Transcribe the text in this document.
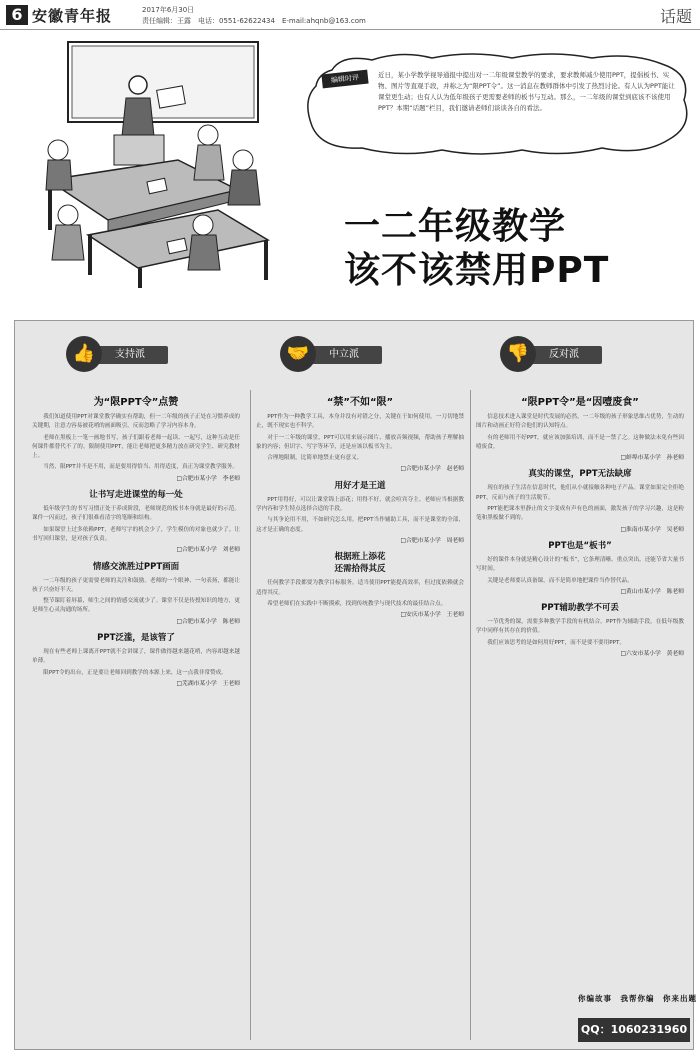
6 安徽青年报	2017年6月30日
责任编辑：王露　电话：0551-62622434　E-mail:ahqnb@163.com	话题
编辑时评	近日，某小学教学视导通报中提出对一二年级课堂教学的要求，要求教师减少使用PPT，提倡板书、实物、图片等直观手段，并称之为“限PPT令”。这一消息在教师群体中引发了热烈讨论。有人认为PPT能让课堂更生动；也有人认为低年级孩子更需要老师的板书与互动。那么，一二年级的课堂到底该不该使用PPT？本期“话题”栏目，我们邀请老师们谈谈各自的看法。
一二年级教学
该不该禁用PPT
支持派
👍	中立派
🤝	反对派
👎
为“限PPT令”点赞
我们知道使用PPT对课堂教学确实有帮助，但一二年级的孩子正处在习惯养成的关键期，注意力容易被花哨的画面吸引，反而忽略了学习内容本身。
老师在黑板上一笔一画地书写，孩子们跟着老师一起读、一起写，这种互动是任何课件都替代不了的。限制使用PPT，能让老师把更多精力放在研究学生、研究教材上。
当然，限PPT并不是不用，而是要用得恰当、用得适度，真正为课堂教学服务。
□合肥市某小学　李老师
让书写走进课堂的每一处
低年级学生的书写习惯正处于养成阶段，老师规范的板书本身就是最好的示范。课件一闪而过，孩子们很难看清字的笔顺和结构。
如果课堂上过多依赖PPT，老师写字的机会少了，学生模仿的对象也就少了。让书写回归课堂，是对孩子负责。
□合肥市某小学　刘老师
情感交流胜过PPT画面
一二年级的孩子更需要老师的关注和鼓励。老师的一个眼神、一句表扬，都能让孩子兴奋好半天。
整节课盯着屏幕，师生之间的情感交流就少了。课堂不仅是传授知识的地方，更是师生心灵沟通的场所。
□合肥市某小学　陈老师
PPT泛滥，是该管了
现在有些老师上课离开PPT就不会讲课了，课件做得越来越花哨，内容却越来越单薄。
限PPT令的出台，正是要让老师回到教学的本源上来，这一点我非常赞成。
□芜湖市某小学　王老师
“禁”不如“限”
PPT作为一种教学工具，本身并没有对错之分，关键在于如何使用。一刀切地禁止，既不现实也不科学。
对于一二年级的课堂，PPT可以用来展示图片、播放音频视频，帮助孩子理解抽象的内容；但识字、写字等环节，还是应该以板书为主。
合理地限制，比简单地禁止更有意义。
□合肥市某小学　赵老师
用好才是王道
PPT用得好，可以让课堂锦上添花；用得不好，就会喧宾夺主。老师应当根据教学内容和学生特点选择合适的手段。
与其争论用不用，不如研究怎么用。把PPT当作辅助工具，而不是课堂的全部，这才是正确的态度。
□合肥市某小学　周老师
根据班上添花
还需拾得其反
任何教学手段都要为教学目标服务。适当使用PPT能提高效率，但过度依赖就会适得其反。
希望老师们在实践中不断摸索，找到传统教学与现代技术的最佳结合点。
□安庆市某小学　王老师
“限PPT令”是“因噎废食”
信息技术进入课堂是时代发展的必然。一二年级的孩子形象思维占优势，生动的图片和动画正好符合他们的认知特点。
有的老师用不好PPT，就应该加强培训，而不是一禁了之。这种做法未免有些因噎废食。
□蚌埠市某小学　孙老师
真实的课堂，PPT无法缺席
现在的孩子生活在信息时代，他们从小就接触各种电子产品。课堂如果完全拒绝PPT，反而与孩子的生活脱节。
PPT能把课本里静止的文字变成有声有色的画面，激发孩子的学习兴趣，这是粉笔和黑板做不到的。
□淮南市某小学　吴老师
PPT也是“板书”
好的课件本身就是精心设计的“板书”，它条理清晰、重点突出，还能节省大量书写时间。
关键是老师要认真备课，而不是简单地把课件当作替代品。
□黄山市某小学　陈老师
PPT辅助教学不可丢
一节优秀的课，需要多种教学手段的有机结合。PPT作为辅助手段，在低年级教学中同样有其存在的价值。
我们应该思考的是如何用好PPT，而不是要不要用PPT。
□六安市某小学　黄老师
你编故事　我帮你编　你来出题
QQ：1060231960
